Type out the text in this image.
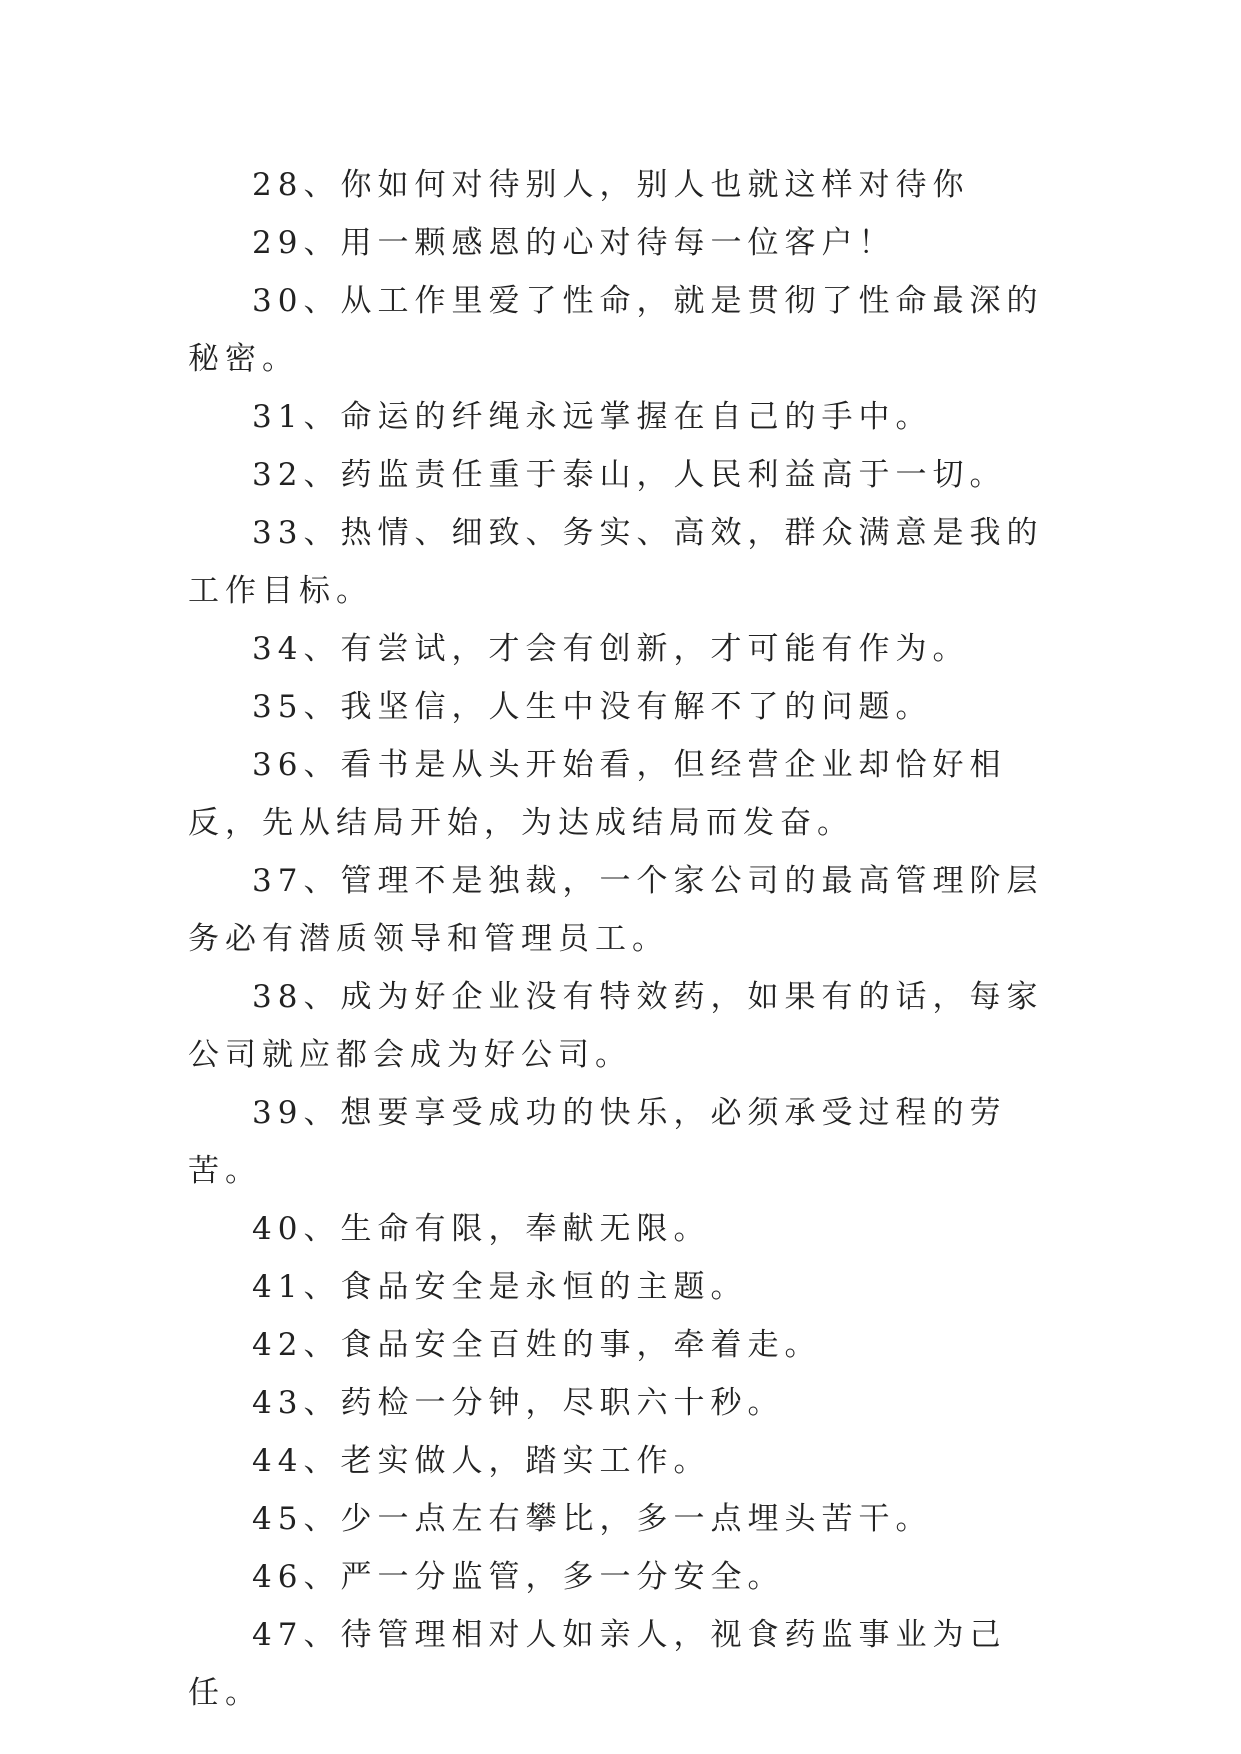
28、你如何对待别人，别人也就这样对待你

29、用一颗感恩的心对待每一位客户！

30、从工作里爱了性命，就是贯彻了性命最深的秘密。

31、命运的纤绳永远掌握在自己的手中。

32、药监责任重于泰山，人民利益高于一切。

33、热情、细致、务实、高效，群众满意是我的工作目标。

34、有尝试，才会有创新，才可能有作为。

35、我坚信，人生中没有解不了的问题。

36、看书是从头开始看，但经营企业却恰好相反，先从结局开始，为达成结局而发奋。

37、管理不是独裁，一个家公司的最高管理阶层务必有潜质领导和管理员工。

38、成为好企业没有特效药，如果有的话，每家公司就应都会成为好公司。

39、想要享受成功的快乐，必须承受过程的劳苦。

40、生命有限，奉献无限。

41、食品安全是永恒的主题。

42、食品安全百姓的事，牵着走。

43、药检一分钟，尽职六十秒。

44、老实做人，踏实工作。

45、少一点左右攀比，多一点埋头苦干。

46、严一分监管，多一分安全。

47、待管理相对人如亲人，视食药监事业为己任。
